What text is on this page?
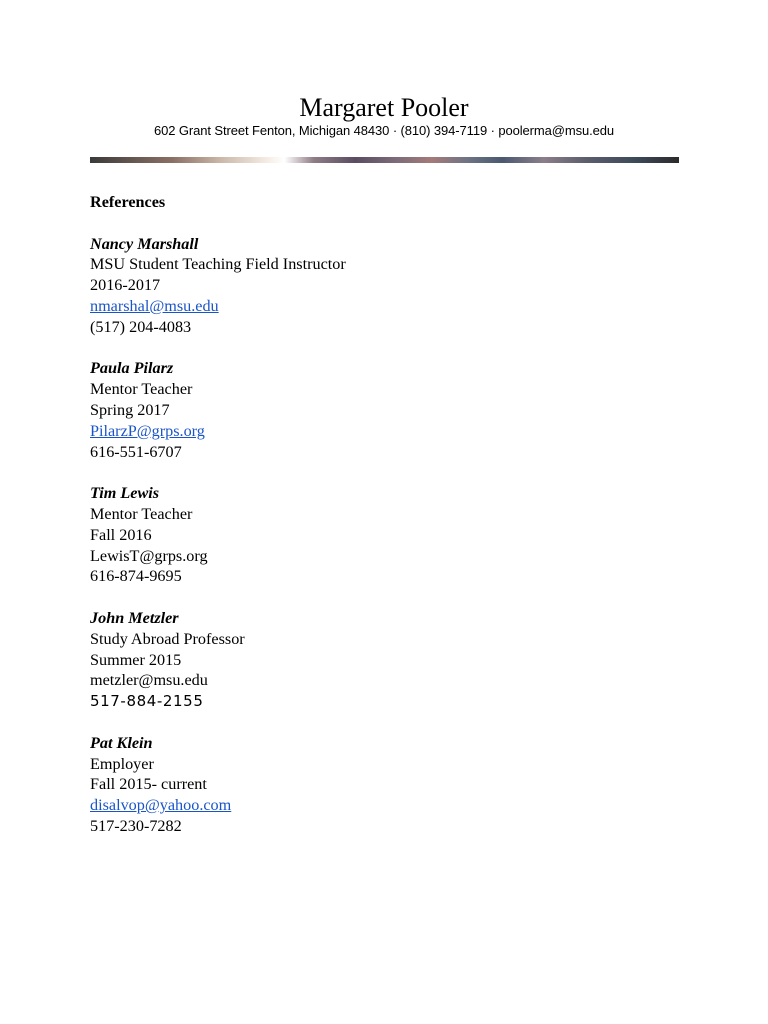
Margaret Pooler
602 Grant Street Fenton, Michigan 48430 · (810) 394-7119 · poolerma@msu.edu
References
Nancy Marshall
MSU Student Teaching Field Instructor
2016-2017
nmarshal@msu.edu
(517) 204-4083
Paula Pilarz
Mentor Teacher
Spring 2017
PilarzP@grps.org
616-551-6707
Tim Lewis
Mentor Teacher
Fall 2016
LewisT@grps.org
616-874-9695
John Metzler
Study Abroad Professor
Summer 2015
metzler@msu.edu
517-884-2155
Pat Klein
Employer
Fall 2015- current
disalvop@yahoo.com
517-230-7282
